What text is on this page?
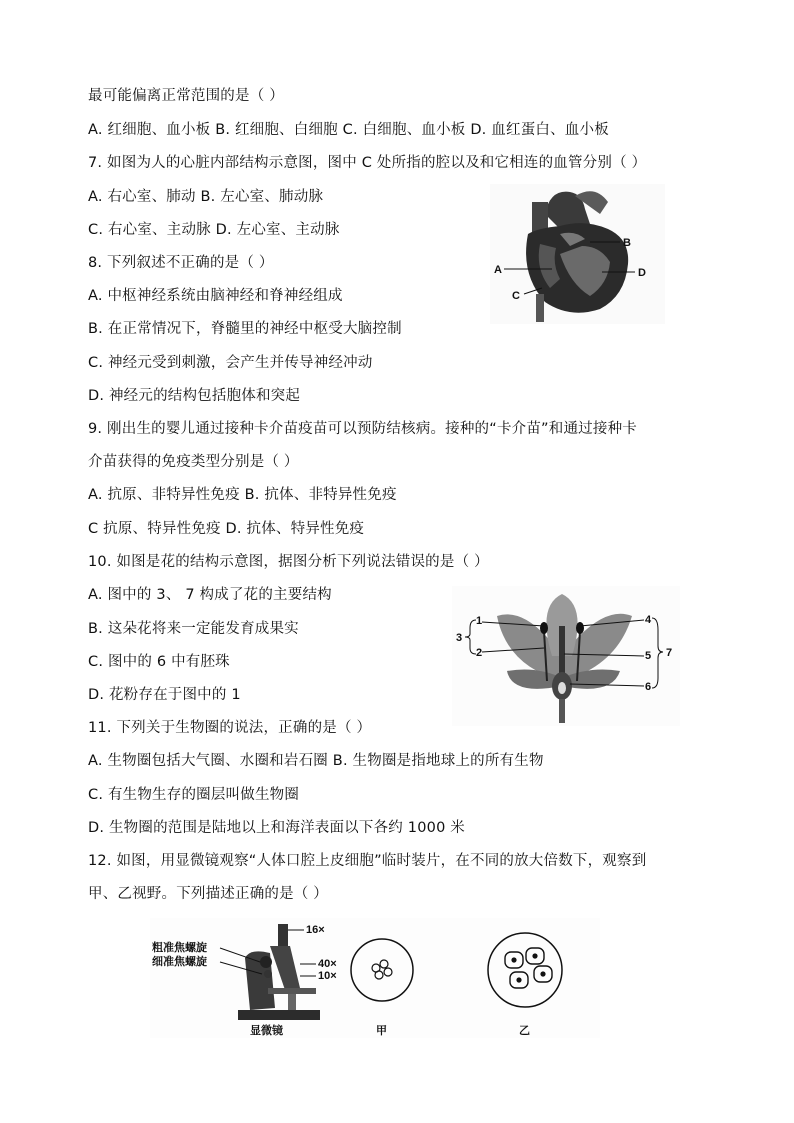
最可能偏离正常范围的是（ ）
A. 红细胞、血小板 B. 红细胞、白细胞 C. 白细胞、血小板 D. 血红蛋白、血小板
7. 如图为人的心脏内部结构示意图，图中 C 处所指的腔以及和它相连的血管分别（ ）
A. 右心室、肺动 B. 左心室、肺动脉
C. 右心室、主动脉 D. 左心室、主动脉
8. 下列叙述不正确的是（ ）
A. 中枢神经系统由脑神经和脊神经组成
B. 在正常情况下，脊髓里的神经中枢受大脑控制
C. 神经元受到刺激，会产生并传导神经冲动
D. 神经元的结构包括胞体和突起
9. 刚出生的婴儿通过接种卡介苗疫苗可以预防结核病。接种的“卡介苗”和通过接种卡
介苗获得的免疫类型分别是（ ）
A. 抗原、非特异性免疫 B. 抗体、非特异性免疫
C 抗原、特异性免疫 D. 抗体、特异性免疫
10. 如图是花的结构示意图，据图分析下列说法错误的是（ ）
A. 图中的 3、 7 构成了花的主要结构
B. 这朵花将来一定能发育成果实
C. 图中的 6 中有胚珠
D. 花粉存在于图中的 1
11. 下列关于生物圈的说法，正确的是（ ）
A. 生物圈包括大气圈、水圈和岩石圈 B. 生物圈是指地球上的所有生物
C. 有生物生存的圈层叫做生物圈
D. 生物圈的范围是陆地以上和海洋表面以下各约 1000 米
12. 如图，用显微镜观察“人体口腔上皮细胞”临时装片，在不同的放大倍数下，观察到
甲、乙视野。下列描述正确的是（ ）
A
B
C
D
1
2
3
4
5
6
7
粗准焦螺旋
细准焦螺旋
16×
40×
10×
显微镜	甲	乙
